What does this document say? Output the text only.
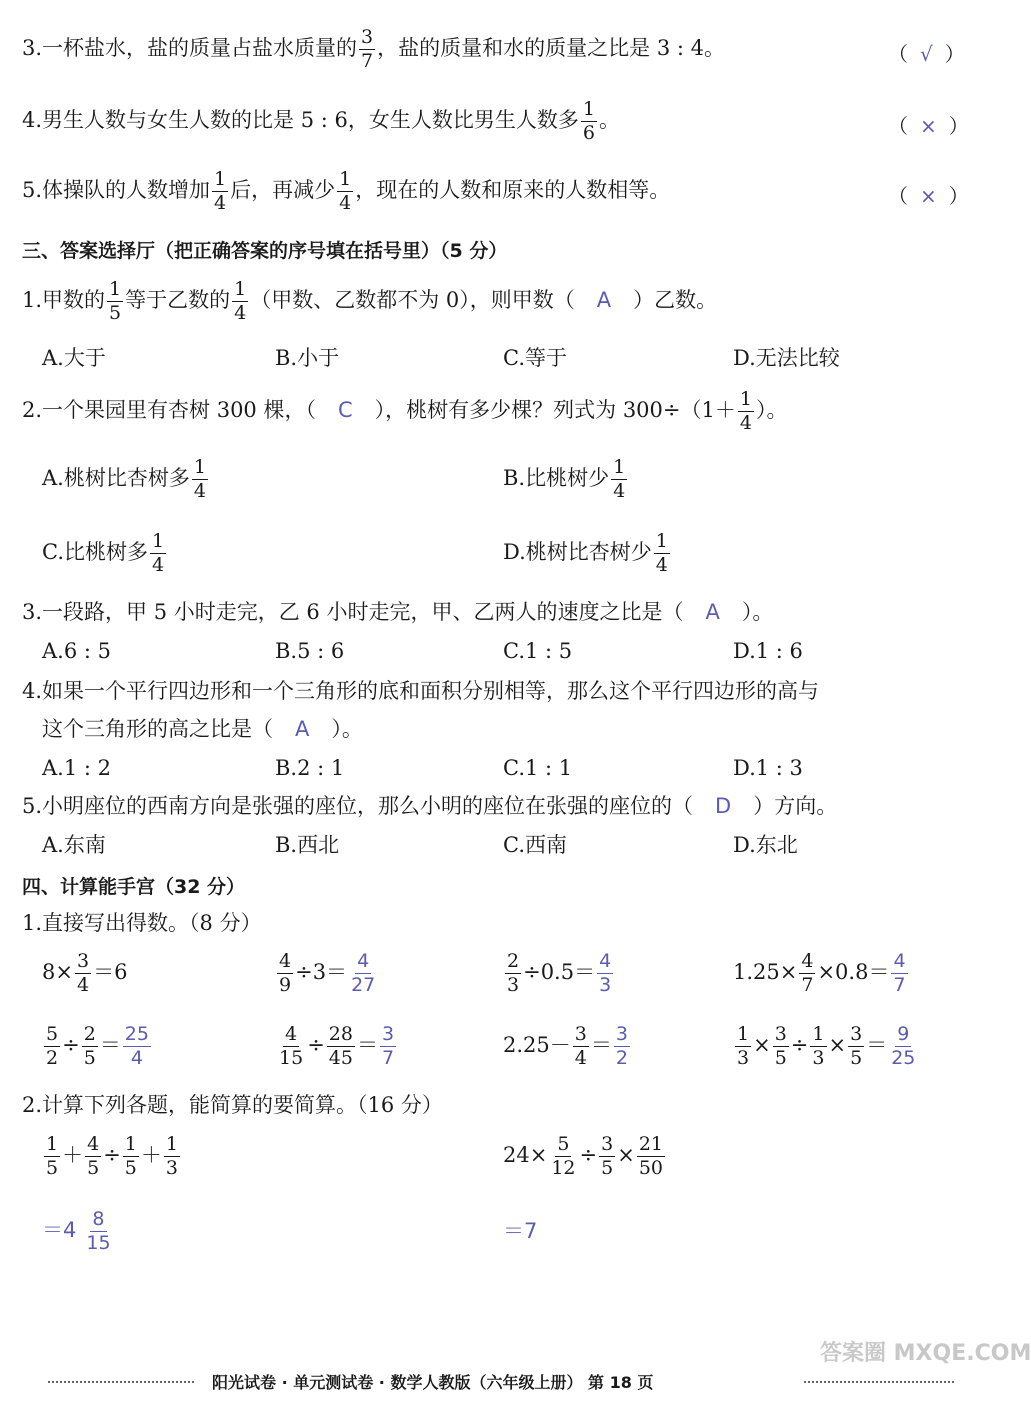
3.一杯盐水，盐的质量占盐水质量的 $\frac{3}{7}$ ，盐的质量和水的质量之比是 3 : 4。	（ √ ）
4.男生人数与女生人数的比是 5 : 6，女生人数比男生人数多 $\frac{1}{6}$ 。	（ × ）
5.体操队的人数增加 $\frac{1}{4}$ 后，再减少 $\frac{1}{4}$ ，现在的人数和原来的人数相等。	（ × ）
三、答案选择厅（把正确答案的序号填在括号里）（5 分）
1.甲数的 $\frac{1}{5}$ 等于乙数的 $\frac{1}{4}$ （甲数、乙数都不为 0），则甲数（ A ）乙数。
A.大于	B.小于	C.等于	D.无法比较
2.一个果园里有杏树 300 棵，（ C ），桃树有多少棵？列式为 $300\div(1+ \frac{1}{4}$ ）。
A.桃树比杏树多 $\frac{1}{4}$	B.比桃树少 $\frac{1}{4}$
C.比桃树多 $\frac{1}{4}$	D.桃树比杏树少 $\frac{1}{4}$
3.一段路，甲 5 小时走完，乙 6 小时走完，甲、乙两人的速度之比是（ A ）。
A.6 : 5	B.5 : 6	C.1 : 5	D.1 : 6
4.如果一个平行四边形和一个三角形的底和面积分别相等，那么这个平行四边形的高与
这个三角形的高之比是（ A ）。
A.1 : 2	B.2 : 1	C.1 : 1	D.1 : 3
5.小明座位的西南方向是张强的座位，那么小明的座位在张强的座位的（ D ）方向。
A.东南	B.西北	C.西南	D.东北
四、计算能手宫（32 分）
1.直接写出得数。（8 分）
$8\times \frac{3}{4} =6$	$\frac{4}{9} \div 3= \frac{4}{27}$	$\frac{2}{3} \div 0.5= \frac{4}{3}$	$1.25\times \frac{4}{7} \times 0.8= \frac{4}{7}$
$\frac{5}{2} \div \frac{2}{5} = \frac{25}{4}$	$\frac{4}{15} \div \frac{28}{45} = \frac{3}{7}$	$2.25- \frac{3}{4} = \frac{3}{2}$	$\frac{1}{3} \times \frac{3}{5} \div \frac{1}{3} \times \frac{3}{5} = \frac{9}{25}$
2.计算下列各题，能简算的要简算。（16 分）
$\frac{1}{5} + \frac{4}{5} \div \frac{1}{5} + \frac{1}{3}$
$=4 \frac{8}{15}$
$24\times \frac{5}{12} \div \frac{3}{5} \times \frac{21}{50}$
＝7
阳光试卷 · 单元测试卷 · 数学人教版（六年级上册） 第 18 页
答案圈 MXQE.COM
